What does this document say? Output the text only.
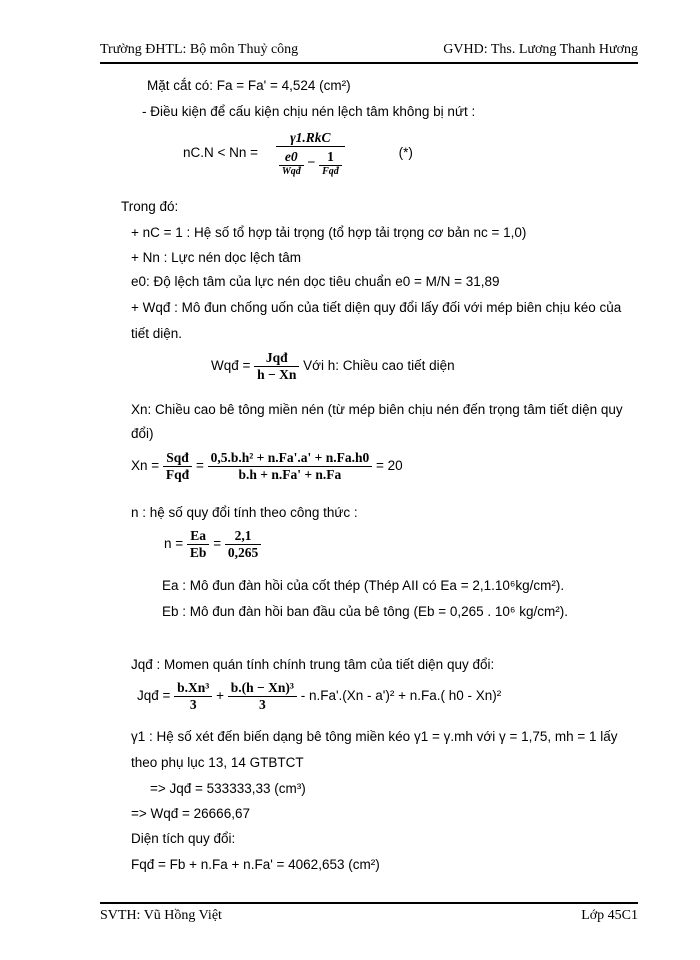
Trường ĐHTL: Bộ môn Thuỷ công	GVHD: Ths. Lương Thanh Hương
Mặt cắt có: Fa = Fa' = 4,524 (cm²)
- Điều kiện để cấu kiện chịu nén lệch tâm không bị nứt :
$nC.N < Nn = \frac{\text{γ1.RkC}}{\frac{e0}{\text{Wqđ}} - \frac{1}{\text{Fqđ}}}$	(*)
Trong đó:
+ nC = 1 : Hệ số tổ hợp tải trọng (tổ hợp tải trọng cơ bản nc = 1,0)
+ Nn : Lực nén dọc lệch tâm
e0: Độ lệch tâm của lực nén dọc tiêu chuẩn e0 = M/N = 31,89
+ Wqđ : Mô đun chống uốn của tiết diện quy đổi lấy đối với mép biên chịu kéo của
tiết diện.
Wqđ = $\frac{\text{Jqđ}}{h - Xn}$ Với h: Chiều cao tiết diện
Xn: Chiều cao bê tông miền nén (từ mép biên chịu nén đến trọng tâm tiết diện quy
đổi)
$Xn = \frac{\text{Sqđ}}{\text{Fqđ}} = \frac{\text{0,5.b.h² + n.Fa'.a' + n.Fa.h0}}{b.h + n.Fa' + n.Fa} = 20$
n : hệ số quy đổi tính theo công thức :
$n = \frac{Ea}{Eb} = \frac{2,1}{0,265}$
Ea : Mô đun đàn hồi của cốt thép (Thép AII có Ea = 2,1.10⁶kg/cm²).
Eb : Mô đun đàn hồi ban đầu của bê tông (Eb = 0,265 . 10⁶ kg/cm²).
Jqđ : Momen quán tính chính trung tâm của tiết diện quy đổi:
Jqđ = $\frac{\text{b.Xn³}}{3} + \frac{\text{b.(h − Xn)³}}{3} - n.Fa'.(Xn - a')^2 + n.Fa$.( h0 - Xn)²
γ1 : Hệ số xét đến biến dạng bê tông miền kéo γ1 = γ.mh với γ = 1,75, mh = 1 lấy
theo phụ lục 13, 14 GTBTCT
=> Jqđ = 533333,33 (cm³)
=> Wqđ = 26666,67
Diện tích quy đổi:
Fqđ = Fb + n.Fa + n.Fa' = 4062,653 (cm²)
SVTH: Vũ Hồng Việt	Lớp 45C1
